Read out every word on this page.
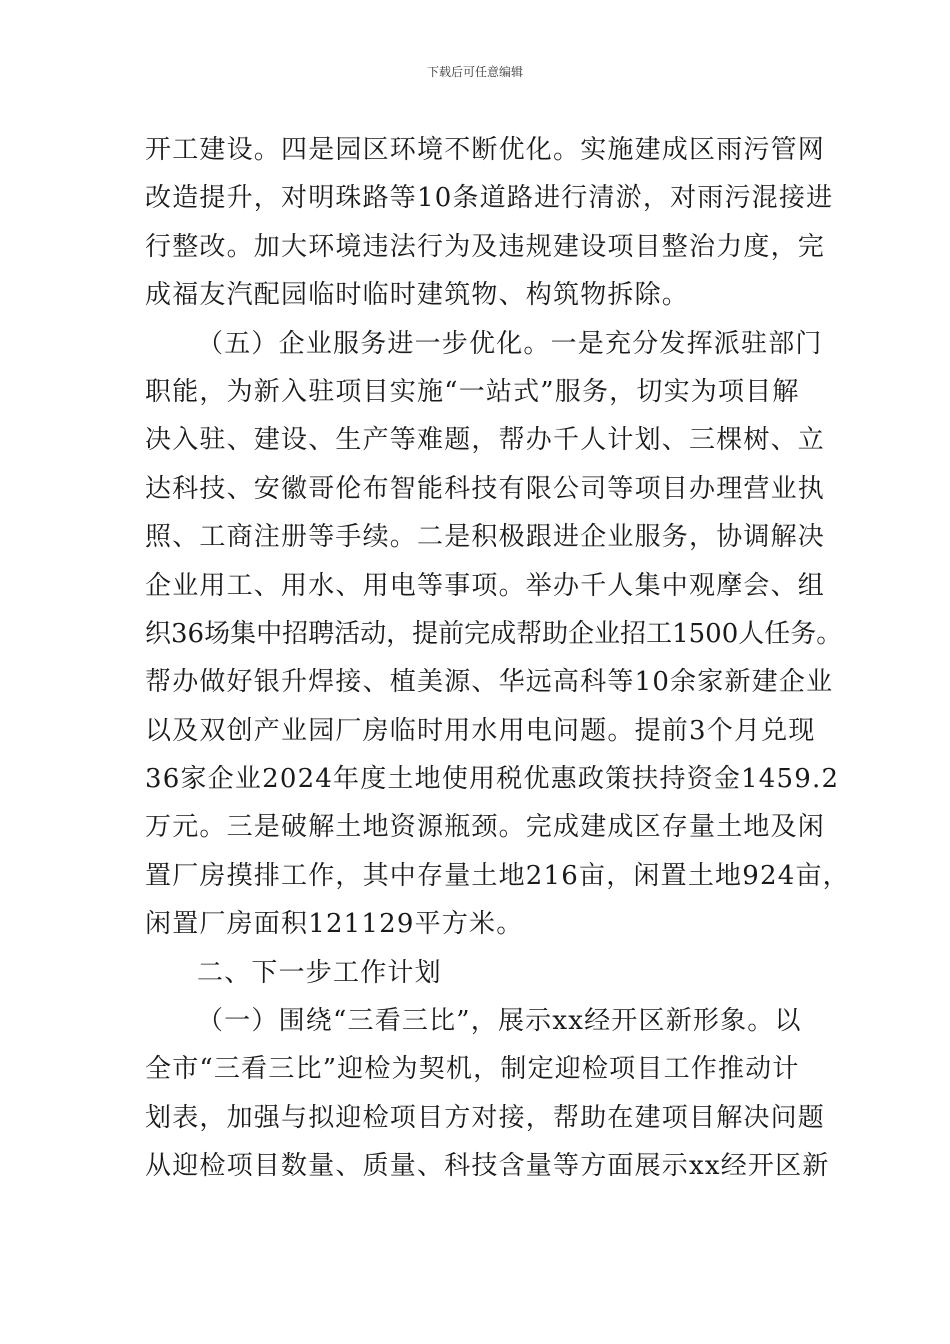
下载后可任意编辑
开工建设。四是园区环境不断优化。实施建成区雨污管网
改造提升，对明珠路等10条道路进行清淤，对雨污混接进
行整改。加大环境违法行为及违规建设项目整治力度，完
成福友汽配园临时临时建筑物、构筑物拆除。
（五）企业服务进一步优化。一是充分发挥派驻部门
职能，为新入驻项目实施“一站式”服务，切实为项目解
决入驻、建设、生产等难题，帮办千人计划、三棵树、立
达科技、安徽哥伦布智能科技有限公司等项目办理营业执
照、工商注册等手续。二是积极跟进企业服务，协调解决
企业用工、用水、用电等事项。举办千人集中观摩会、组
织36场集中招聘活动，提前完成帮助企业招工1500人任务。
帮办做好银升焊接、植美源、华远高科等10余家新建企业
以及双创产业园厂房临时用水用电问题。提前3个月兑现
36家企业2024年度土地使用税优惠政策扶持资金1459.2
万元。三是破解土地资源瓶颈。完成建成区存量土地及闲
置厂房摸排工作，其中存量土地216亩，闲置土地924亩，
闲置厂房面积121129平方米。
二、下一步工作计划
（一）围绕“三看三比”，展示xx经开区新形象。以
全市“三看三比”迎检为契机，制定迎检项目工作推动计
划表，加强与拟迎检项目方对接，帮助在建项目解决问题
从迎检项目数量、质量、科技含量等方面展示xx经开区新
